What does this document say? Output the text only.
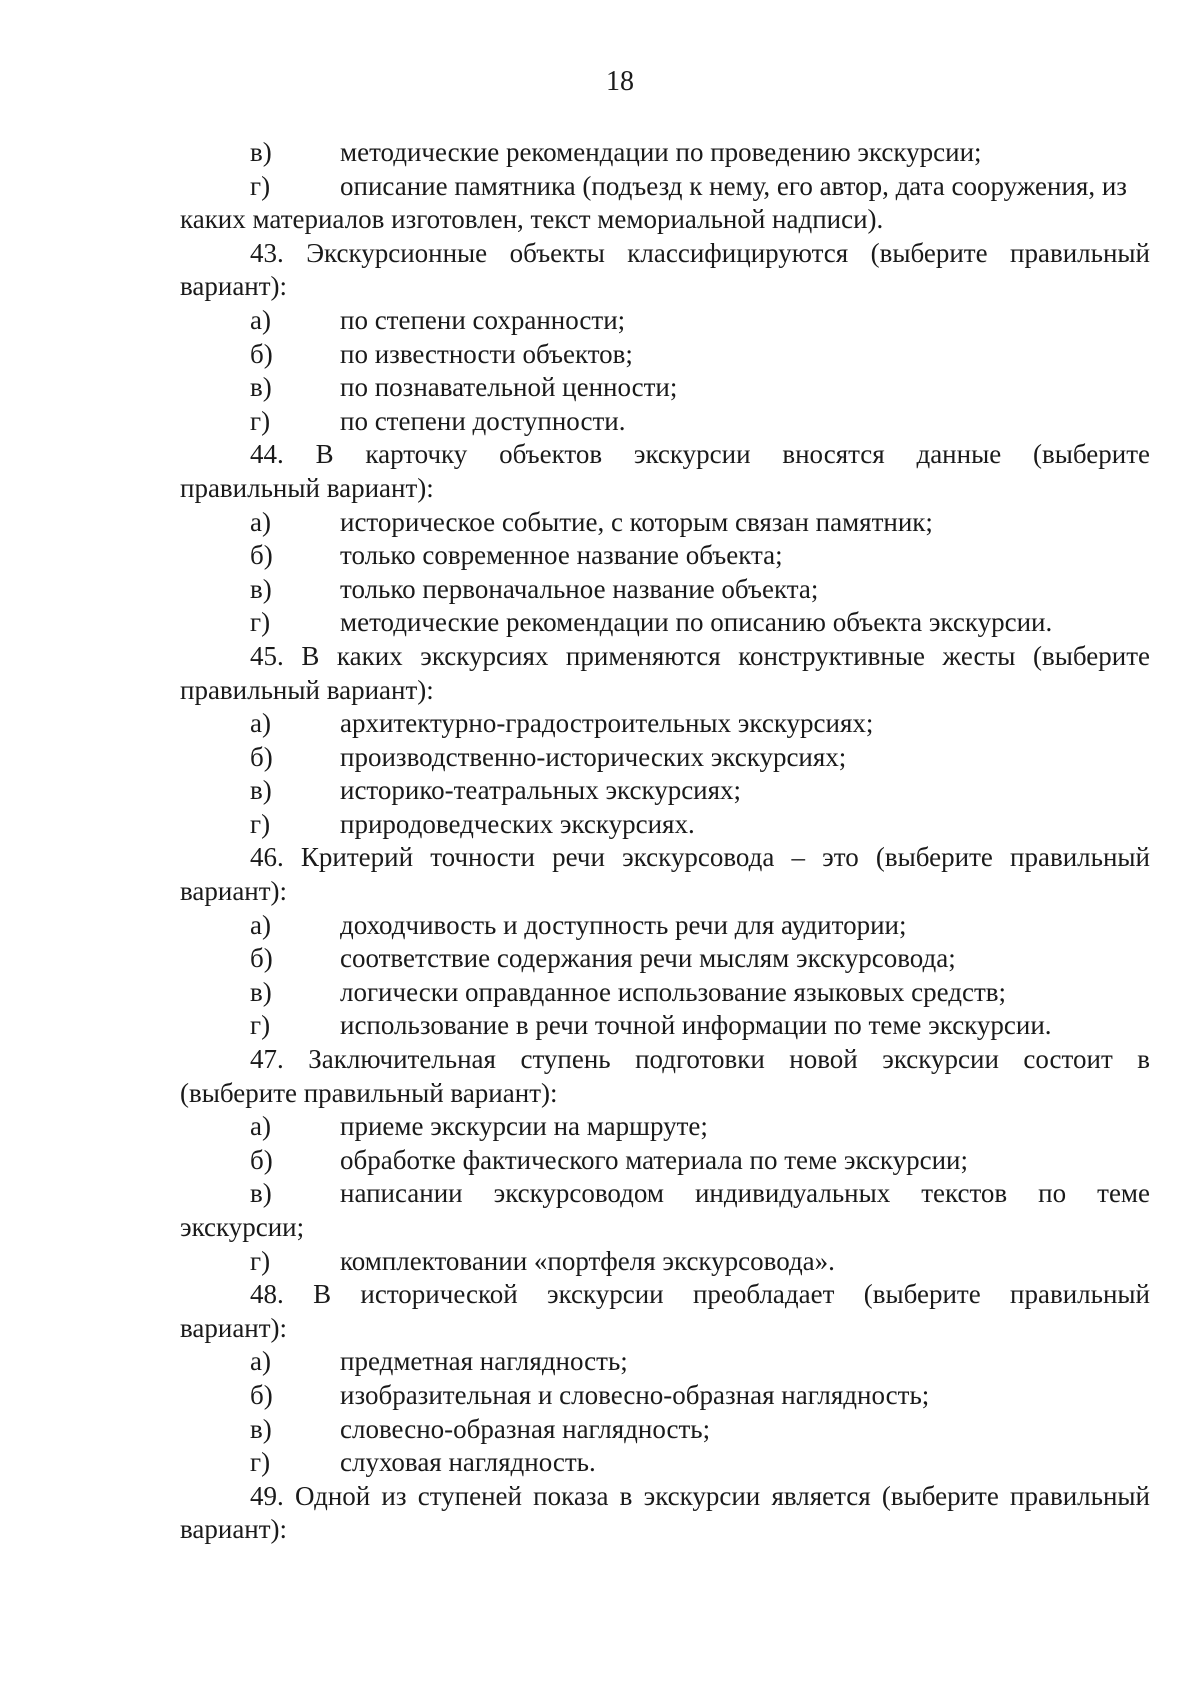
18
в)	методические рекомендации по проведению экскурсии;
г)	описание памятника (подъезд к нему, его автор, дата сооружения, из
каких материалов изготовлен, текст мемориальной надписи).
43. Экскурсионные объекты классифицируются (выберите правильный
вариант):
а)	по степени сохранности;
б)	по известности объектов;
в)	по познавательной ценности;
г)	по степени доступности.
44. В карточку объектов экскурсии вносятся данные (выберите
правильный вариант):
а)	историческое событие, с которым связан памятник;
б)	только современное название объекта;
в)	только первоначальное название объекта;
г)	методические рекомендации по описанию объекта экскурсии.
45. В каких экскурсиях применяются конструктивные жесты (выберите
правильный вариант):
а)	архитектурно-градостроительных экскурсиях;
б)	производственно-исторических экскурсиях;
в)	историко-театральных экскурсиях;
г)	природоведческих экскурсиях.
46. Критерий точности речи экскурсовода – это (выберите правильный
вариант):
а)	доходчивость и доступность речи для аудитории;
б)	соответствие содержания речи мыслям экскурсовода;
в)	логически оправданное использование языковых средств;
г)	использование в речи точной информации по теме экскурсии.
47. Заключительная ступень подготовки новой экскурсии состоит в
(выберите правильный вариант):
а)	приеме экскурсии на маршруте;
б)	обработке фактического материала по теме экскурсии;
в)	написании экскурсоводом индивидуальных текстов по теме
экскурсии;
г)	комплектовании «портфеля экскурсовода».
48. В исторической экскурсии преобладает (выберите правильный
вариант):
а)	предметная наглядность;
б)	изобразительная и словесно-образная наглядность;
в)	словесно-образная наглядность;
г)	слуховая наглядность.
49. Одной из ступеней показа в экскурсии является (выберите правильный
вариант):
